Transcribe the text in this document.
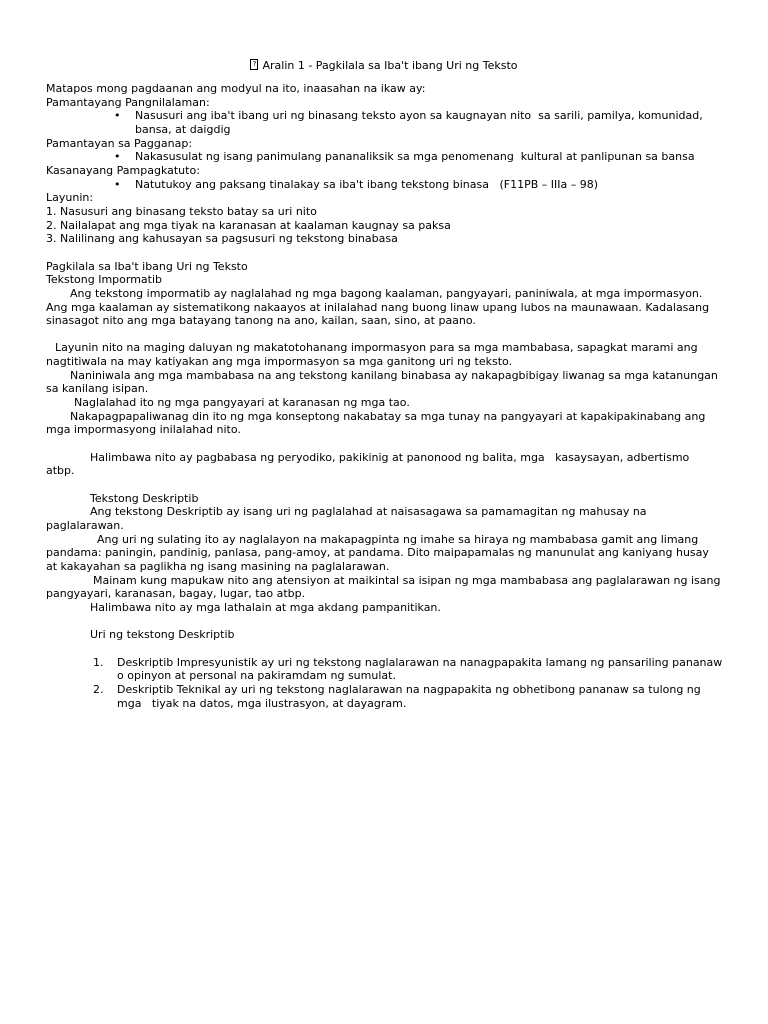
?Aralin 1 - Pagkilala sa Iba't ibang Uri ng Teksto
Matapos mong pagdaanan ang modyul na ito, inaasahan na ikaw ay:
Pamantayang Pangnilalaman:
• Nasusuri ang iba't ibang uri ng binasang teksto ayon sa kaugnayan nito  sa sarili, pamilya, komunidad,
bansa, at daigdig
Pamantayan sa Pagganap:
• Nakasusulat ng isang panimulang pananaliksik sa mga penomenang  kultural at panlipunan sa bansa
Kasanayang Pampagkatuto:
• Natutukoy ang paksang tinalakay sa iba't ibang tekstong binasa   (F11PB – IIIa – 98)
Layunin:
1. Nasusuri ang binasang teksto batay sa uri nito
2. Nailalapat ang mga tiyak na karanasan at kaalaman kaugnay sa paksa
3. Nalilinang ang kahusayan sa pagsusuri ng tekstong binabasa
Pagkilala sa Iba't ibang Uri ng Teksto
Tekstong Impormatib
Ang tekstong impormatib ay naglalahad ng mga bagong kaalaman, pangyayari, paniniwala, at mga impormasyon.
Ang mga kaalaman ay sistematikong nakaayos at inilalahad nang buong linaw upang lubos na maunawaan. Kadalasang
sinasagot nito ang mga batayang tanong na ano, kailan, saan, sino, at paano.
Layunin nito na maging daluyan ng makatotohanang impormasyon para sa mga mambabasa, sapagkat marami ang
nagtitiwala na may katiyakan ang mga impormasyon sa mga ganitong uri ng teksto.
Naniniwala ang mga mambabasa na ang tekstong kanilang binabasa ay nakapagbibigay liwanag sa mga katanungan
sa kanilang isipan.
Naglalahad ito ng mga pangyayari at karanasan ng mga tao.
Nakapagpapaliwanag din ito ng mga konseptong nakabatay sa mga tunay na pangyayari at kapakipakinabang ang
mga impormasyong inilalahad nito.
Halimbawa nito ay pagbabasa ng peryodiko, pakikinig at panonood ng balita, mga   kasaysayan, adbertismo
atbp.
Tekstong Deskriptib
Ang tekstong Deskriptib ay isang uri ng paglalahad at naisasagawa sa pamamagitan ng mahusay na
paglalarawan.
Ang uri ng sulating ito ay naglalayon na makapagpinta ng imahe sa hiraya ng mambabasa gamit ang limang
pandama: paningin, pandinig, panlasa, pang-amoy, at pandama. Dito maipapamalas ng manunulat ang kaniyang husay
at kakayahan sa paglikha ng isang masining na paglalarawan.
Mainam kung mapukaw nito ang atensiyon at maikintal sa isipan ng mga mambabasa ang paglalarawan ng isang
pangyayari, karanasan, bagay, lugar, tao atbp.
Halimbawa nito ay mga lathalain at mga akdang pampanitikan.
Uri ng tekstong Deskriptib
1. Deskriptib Impresyunistik ay uri ng tekstong naglalarawan na nanagpapakita lamang ng pansariling pananaw
o opinyon at personal na pakiramdam ng sumulat.
2. Deskriptib Teknikal ay uri ng tekstong naglalarawan na nagpapakita ng obhetibong pananaw sa tulong ng
mga   tiyak na datos, mga ilustrasyon, at dayagram.
